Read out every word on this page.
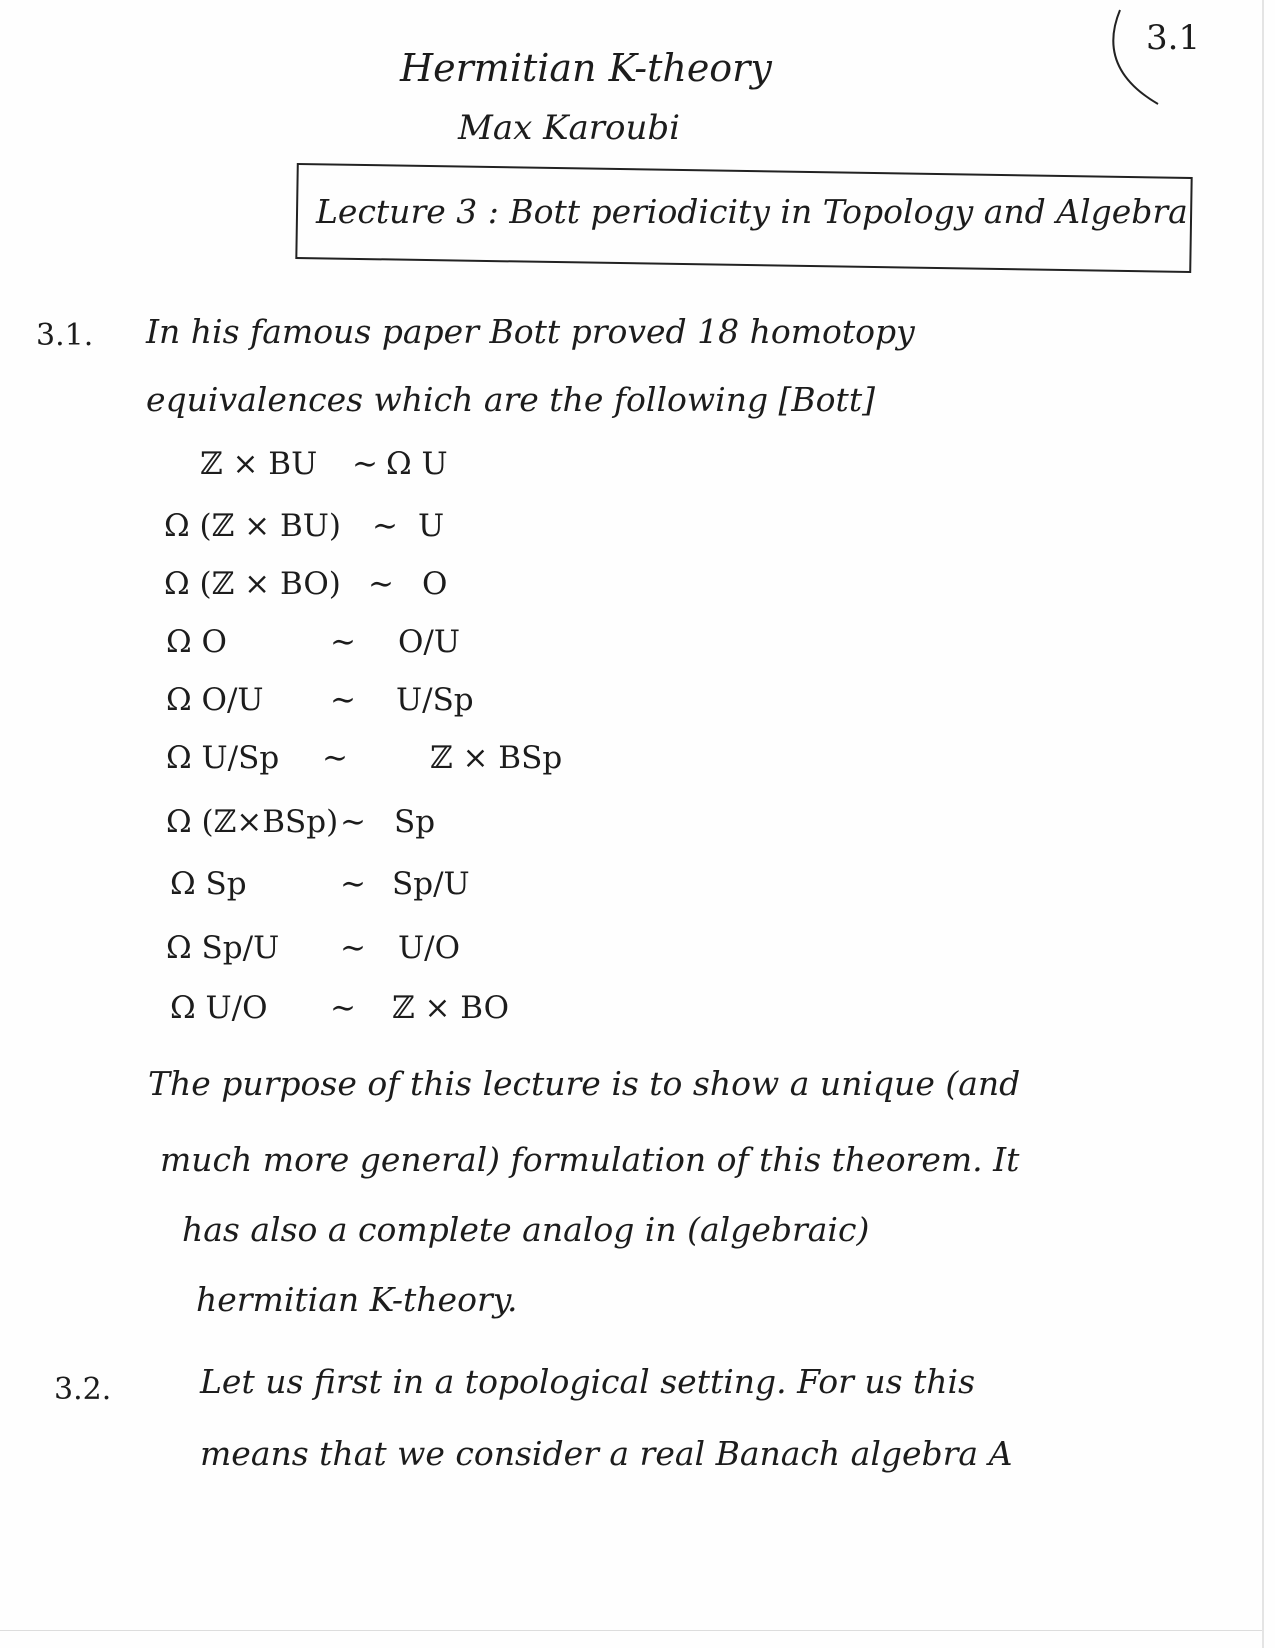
3.1
Hermitian K-theory
Max Karoubi
Lecture 3 : Bott periodicity in Topology and Algebra
3.1. In his famous paper Bott proved 18 homotopy
equivalences which are the following [Bott]
ℤ × BU ∼ Ω U
Ω (ℤ × BU) ∼ U
Ω (ℤ × BO) ∼ O
Ω O	∼ O/U
Ω O/U ∼ U/Sp
Ω U/Sp ∼	ℤ × BSp
Ω (ℤ×BSp) ∼ Sp
Ω Sp	∼ Sp/U
Ω Sp/U ∼ U/O
Ω U/O ∼ ℤ × BO
The purpose of this lecture is to show a unique (and
much more general) formulation of this theorem. It
has also a complete analog in (algebraic)
hermitian K-theory.
3.2.	Let us first in a topological setting. For us this
means that we consider a real Banach algebra A
